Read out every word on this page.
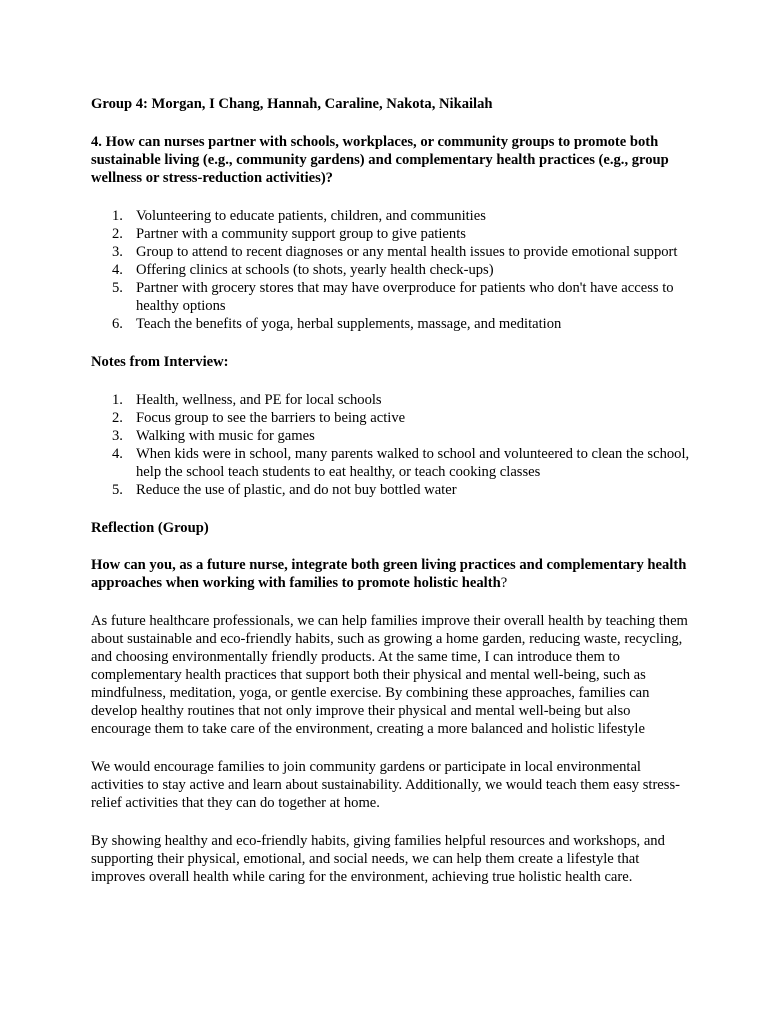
Group 4: Morgan, I Chang, Hannah, Caraline, Nakota, Nikailah

4. How can nurses partner with schools, workplaces, or community groups to promote both sustainable living (e.g., community gardens) and complementary health practices (e.g., group wellness or stress-reduction activities)?

1. Volunteering to educate patients, children, and communities
2. Partner with a community support group to give patients
3. Group to attend to recent diagnoses or any mental health issues to provide emotional support
4. Offering clinics at schools (to shots, yearly health check-ups)
5. Partner with grocery stores that may have overproduce for patients who don't have access to healthy options
6. Teach the benefits of yoga, herbal supplements, massage, and meditation

Notes from Interview:

1. Health, wellness, and PE for local schools
2. Focus group to see the barriers to being active
3. Walking with music for games
4. When kids were in school, many parents walked to school and volunteered to clean the school, help the school teach students to eat healthy, or teach cooking classes
5. Reduce the use of plastic, and do not buy bottled water

Reflection (Group)

How can you, as a future nurse, integrate both green living practices and complementary health approaches when working with families to promote holistic health?

As future healthcare professionals, we can help families improve their overall health by teaching them about sustainable and eco-friendly habits, such as growing a home garden, reducing waste, recycling, and choosing environmentally friendly products. At the same time, I can introduce them to complementary health practices that support both their physical and mental well-being, such as mindfulness, meditation, yoga, or gentle exercise. By combining these approaches, families can develop healthy routines that not only improve their physical and mental well-being but also encourage them to take care of the environment, creating a more balanced and holistic lifestyle

We would encourage families to join community gardens or participate in local environmental activities to stay active and learn about sustainability. Additionally, we would teach them easy stress-relief activities that they can do together at home.

By showing healthy and eco-friendly habits, giving families helpful resources and workshops, and supporting their physical, emotional, and social needs, we can help them create a lifestyle that improves overall health while caring for the environment, achieving true holistic health care.
